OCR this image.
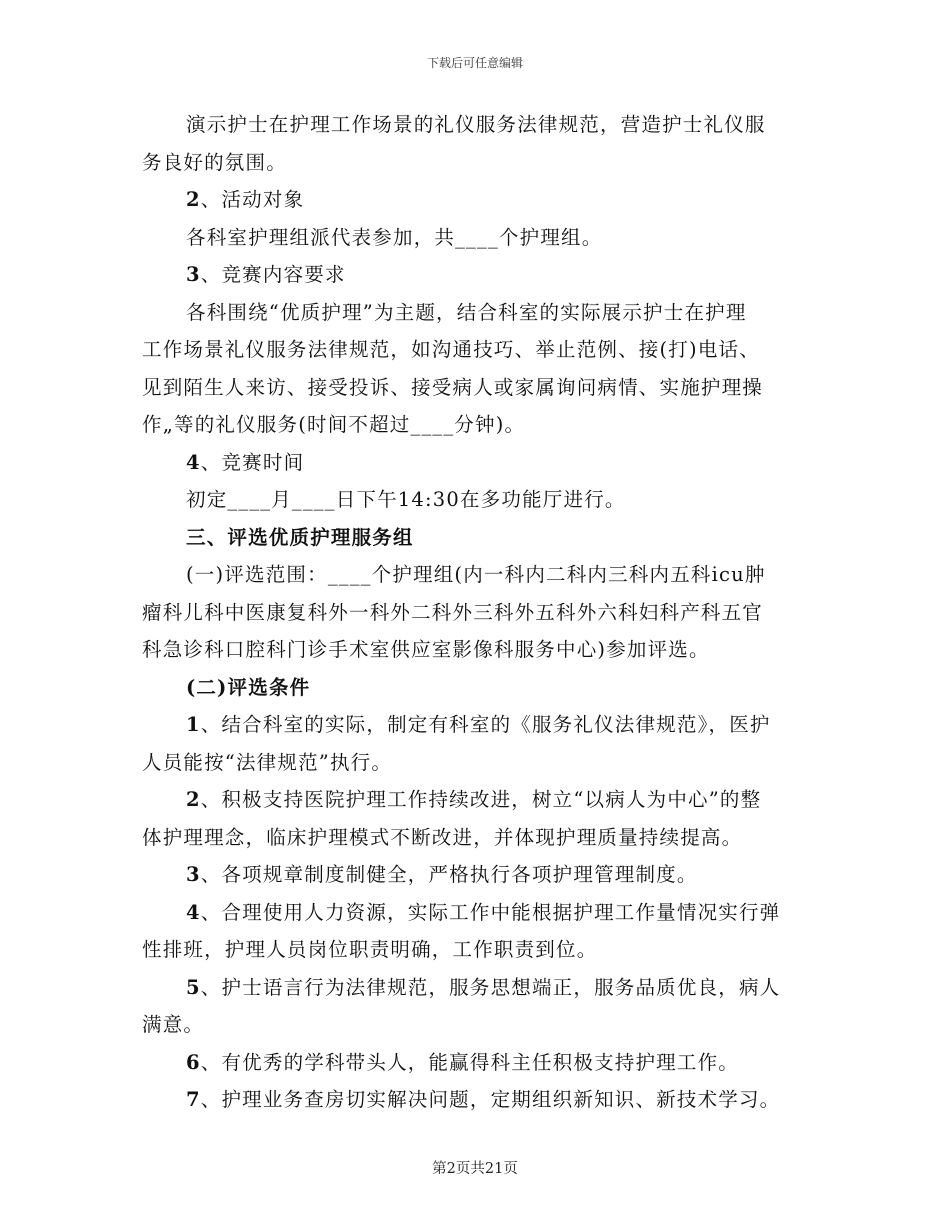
下载后可任意编辑
演示护士在护理工作场景的礼仪服务法律规范，营造护士礼仪服
务良好的氛围。
2、活动对象
各科室护理组派代表参加，共____个护理组。
3、竞赛内容要求
各科围绕“优质护理”为主题，结合科室的实际展示护士在护理
工作场景礼仪服务法律规范，如沟通技巧、举止范例、接(打)电话、
见到陌生人来访、接受投诉、接受病人或家属询问病情、实施护理操
作„等的礼仪服务(时间不超过____分钟)。
4、竞赛时间
初定____月____日下午14:30在多功能厅进行。
三、评选优质护理服务组
(一)评选范围：____个护理组(内一科内二科内三科内五科icu肿
瘤科儿科中医康复科外一科外二科外三科外五科外六科妇科产科五官
科急诊科口腔科门诊手术室供应室影像科服务中心)参加评选。
(二)评选条件
1、结合科室的实际，制定有科室的《服务礼仪法律规范》，医护
人员能按“法律规范”执行。
2、积极支持医院护理工作持续改进，树立“以病人为中心”的整
体护理理念，临床护理模式不断改进，并体现护理质量持续提高。
3、各项规章制度制健全，严格执行各项护理管理制度。
4、合理使用人力资源，实际工作中能根据护理工作量情况实行弹
性排班，护理人员岗位职责明确，工作职责到位。
5、护士语言行为法律规范，服务思想端正，服务品质优良，病人
满意。
6、有优秀的学科带头人，能赢得科主任积极支持护理工作。
7、护理业务查房切实解决问题，定期组织新知识、新技术学习。
第2页共21页
